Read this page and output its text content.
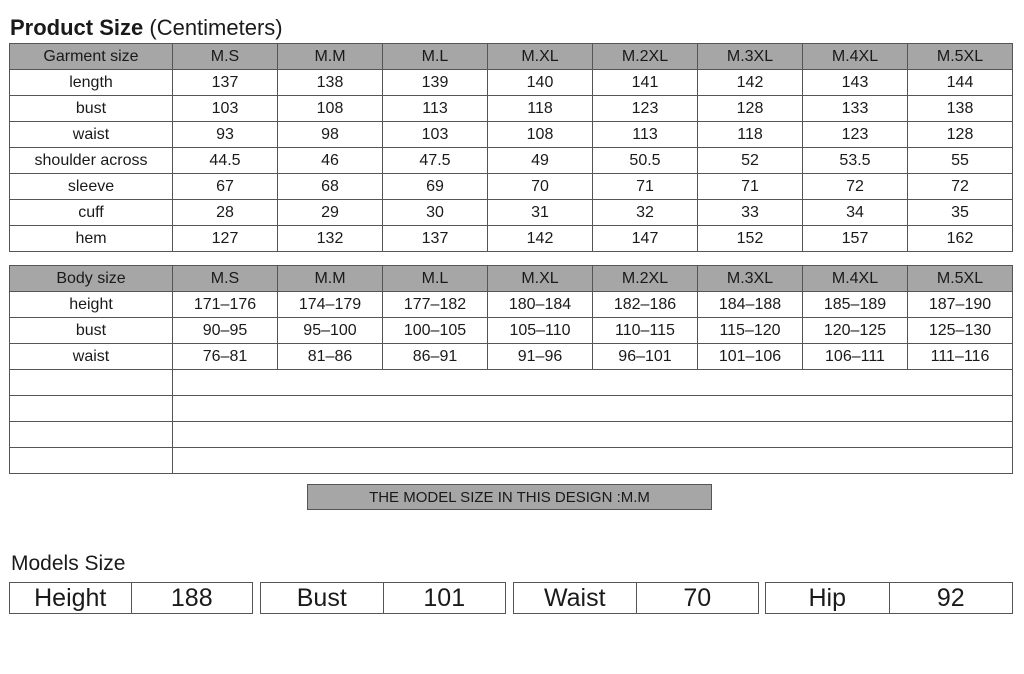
Product Size (Centimeters)
Garment size	M.S	M.M	M.L	M.XL	M.2XL	M.3XL	M.4XL	M.5XL
length	137	138	139	140	141	142	143	144
bust	103	108	113	118	123	128	133	138
waist	93	98	103	108	113	118	123	128
shoulder across	44.5	46	47.5	49	50.5	52	53.5	55
sleeve	67	68	69	70	71	71	72	72
cuff	28	29	30	31	32	33	34	35
hem	127	132	137	142	147	152	157	162
Body size	M.S	M.M	M.L	M.XL	M.2XL	M.3XL	M.4XL	M.5XL
height	171–176	174–179	177–182	180–184	182–186	184–188	185–189	187–190
bust	90–95	95–100	100–105	105–110	110–115	115–120	120–125	125–130
waist	76–81	81–86	86–91	91–96	96–101	101–106	106–111	111–116

THE MODEL SIZE IN THIS DESIGN :M.M
Models Size
Height	188	Bust	101	Waist	70	Hip	92
